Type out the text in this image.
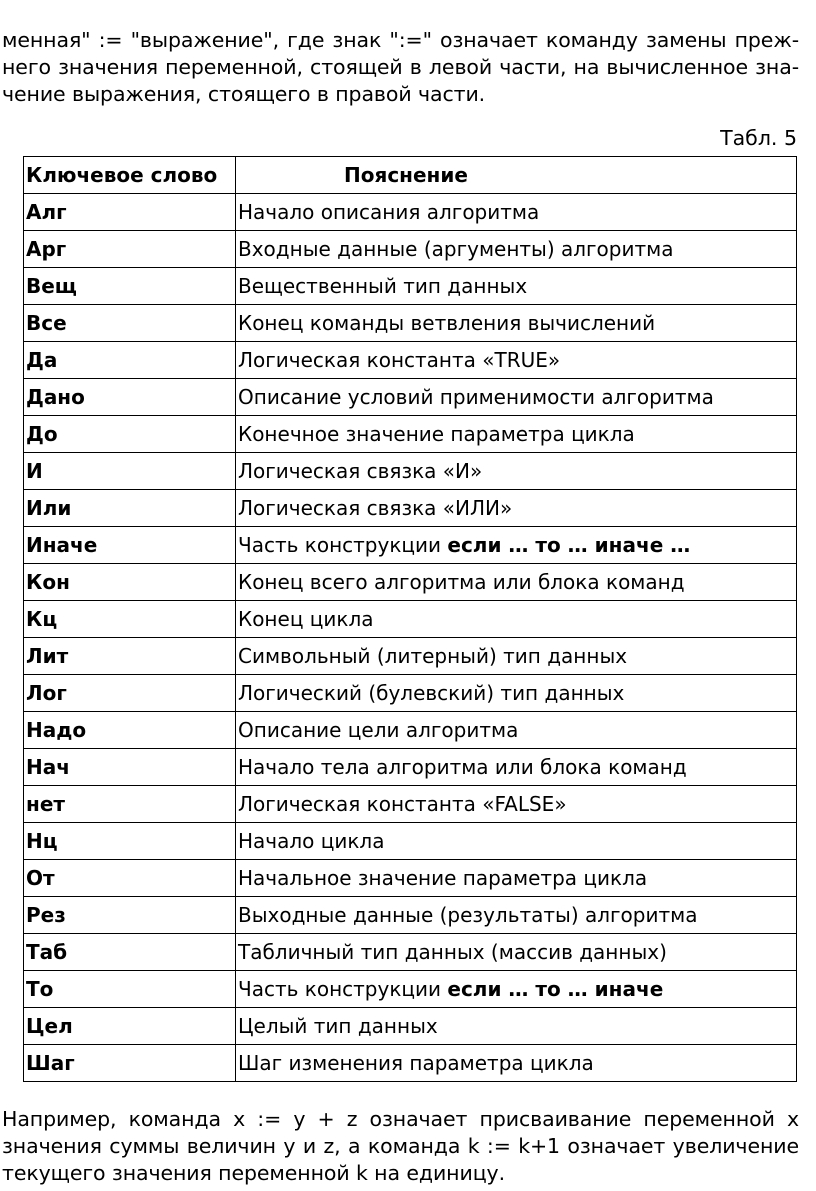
менная" := "выражение", где знак ":=" означает команду замены преж- него значения переменной, стоящей в левой части, на вычисленное зна- чение выражения, стоящего в правой части.

Табл. 5
Ключевое слово	Пояснение
Алг	Начало описания алгоритма
Арг	Входные данные (аргументы) алгоритма
Вещ	Вещественный тип данных
Все	Конец команды ветвления вычислений
Да	Логическая константа «TRUE»
Дано	Описание условий применимости алгоритма
До	Конечное значение параметра цикла
И	Логическая связка «И»
Или	Логическая связка «ИЛИ»
Иначе	Часть конструкции если … то … иначе …
Кон	Конец всего алгоритма или блока команд
Кц	Конец цикла
Лит	Символьный (литерный) тип данных
Лог	Логический (булевский) тип данных
Надо	Описание цели алгоритма
Нач	Начало тела алгоритма или блока команд
нет	Логическая константа «FALSE»
Нц	Начало цикла
От	Начальное значение параметра цикла
Рез	Выходные данные (результаты) алгоритма
Таб	Табличный тип данных (массив данных)
То	Часть конструкции если … то … иначе
Цел	Целый тип данных
Шаг	Шаг изменения параметра цикла

Например, команда x := y + z означает присваивание переменной x значения суммы величин y и z, а команда k := k+1 означает увеличение текущего значения переменной k на единицу.
